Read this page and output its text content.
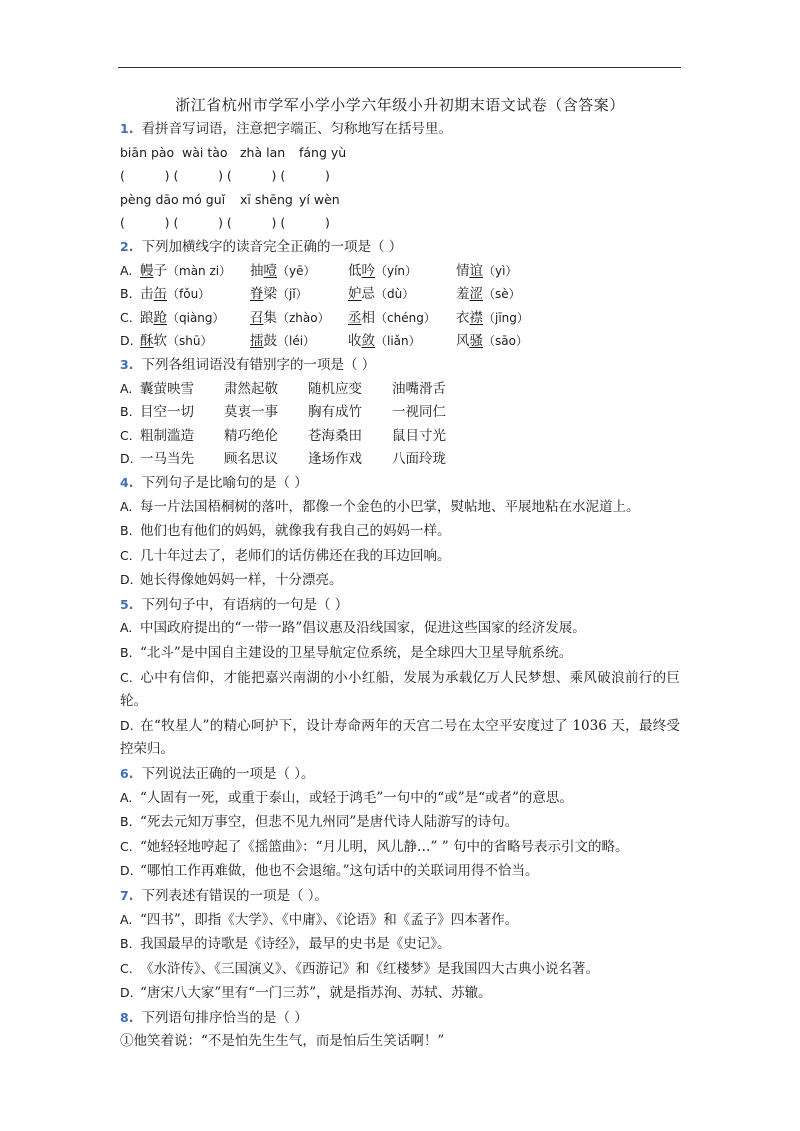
浙江省杭州市学军小学小学六年级小升初期末语文试卷（含答案）
1. 看拼音写词语，注意把字端正、匀称地写在括号里。
biān pào wài tào zhà lan fáng yù
(          ) (          ) (          ) (          )
pèng dāo mó guǐ xī shēng yí wèn
(          ) (          ) (          ) (          )
2. 下列加横线字的读音完全正确的一项是（ ）
A. 幔子（màn zi） 抽噎（yē） 低吟（yín）	情谊（yì）
B. 击缶（fǒu）	脊梁（jǐ）	妒忌（dù）	羞涩（sè）
C. 踉跄（qiàng） 召集（zhào） 丞相（chéng） 衣襟（jīng）
D. 酥软（shū）	擂鼓（léi） 收敛（liǎn）	风骚（sāo）
3. 下列各组词语没有错别字的一项是（ ）
A. 囊萤映雪 肃然起敬 随机应变 油嘴滑舌
B. 目空一切 莫衷一事 胸有成竹 一视同仁
C. 粗制滥造 精巧绝伦 苍海桑田 鼠目寸光
D. 一马当先 顾名思议 逢场作戏 八面玲珑
4. 下列句子是比喻句的是（ ）
A. 每一片法国梧桐树的落叶，都像一个金色的小巴掌，熨帖地、平展地粘在水泥道上。
B. 他们也有他们的妈妈，就像我有我自己的妈妈一样。
C. 几十年过去了，老师们的话仿佛还在我的耳边回响。
D. 她长得像她妈妈一样，十分漂亮。
5. 下列句子中，有语病的一句是（ ）
A. 中国政府提出的“一带一路”倡议惠及沿线国家，促进这些国家的经济发展。
B. “北斗”是中国自主建设的卫星导航定位系统，是全球四大卫星导航系统。
C. 心中有信仰，才能把嘉兴南湖的小小红船，发展为承载亿万人民梦想、乘风破浪前行的巨轮。
D. 在“牧星人”的精心呵护下，设计寿命两年的天宫二号在太空平安度过了 1036 天，最终受控荣归。
6. 下列说法正确的一项是（ ）。
A. “人固有一死，或重于泰山，或轻于鸿毛”一句中的“或”是“或者”的意思。
B. “死去元知万事空，但悲不见九州同”是唐代诗人陆游写的诗句。
C. “她轻轻地哼起了《摇篮曲》：“月儿明，风儿静…” ” 句中的省略号表示引文的略。
D. “哪怕工作再难做，他也不会退缩。”这句话中的关联词用得不恰当。
7. 下列表述有错误的一项是（ ）。
A. “四书”，即指《大学》、《中庸》、《论语》和《孟子》四本著作。
B. 我国最早的诗歌是《诗经》，最早的史书是《史记》。
C. 《水浒传》、《三国演义》、《西游记》和《红楼梦》是我国四大古典小说名著。
D. “唐宋八大家”里有“一门三苏”，就是指苏洵、苏轼、苏辙。
8. 下列语句排序恰当的是（ ）
①他笑着说：“不是怕先生生气，而是怕后生笑话啊！”
